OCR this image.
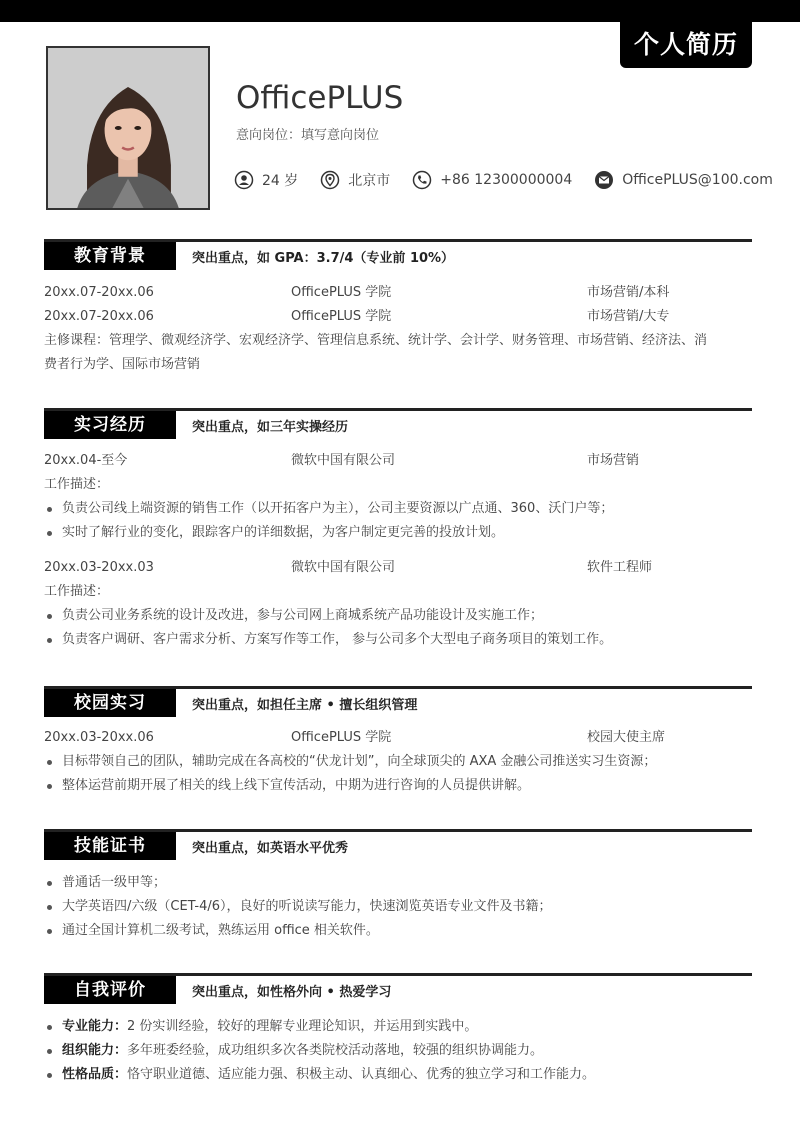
个人简历
OfficePLUS
意向岗位：填写意向岗位
24 岁	北京市	+86 12300000004	OfficePLUS@100.com
教育背景	突出重点，如 GPA：3.7/4（专业前 10%）
20xx.07-20xx.06	OfficePLUS 学院	市场营销/本科
20xx.07-20xx.06	OfficePLUS 学院	市场营销/大专
主修课程：管理学、微观经济学、宏观经济学、管理信息系统、统计学、会计学、财务管理、市场营销、经济法、消
费者行为学、国际市场营销
实习经历	突出重点，如三年实操经历
20xx.04-至今	微软中国有限公司	市场营销
工作描述：
负责公司线上端资源的销售工作（以开拓客户为主），公司主要资源以广点通、360、沃门户等；
实时了解行业的变化，跟踪客户的详细数据，为客户制定更完善的投放计划。
20xx.03-20xx.03	微软中国有限公司	软件工程师
工作描述：
负责公司业务系统的设计及改进，参与公司网上商城系统产品功能设计及实施工作；
负责客户调研、客户需求分析、方案写作等工作， 参与公司多个大型电子商务项目的策划工作。
校园实习	突出重点，如担任主席 • 擅长组织管理
20xx.03-20xx.06	OfficePLUS 学院	校园大使主席
目标带领自己的团队，辅助完成在各高校的“伏龙计划”，向全球顶尖的 AXA 金融公司推送实习生资源；
整体运营前期开展了相关的线上线下宣传活动，中期为进行咨询的人员提供讲解。
技能证书	突出重点，如英语水平优秀
普通话一级甲等；
大学英语四/六级（CET-4/6），良好的听说读写能力，快速浏览英语专业文件及书籍；
通过全国计算机二级考试，熟练运用 office 相关软件。
自我评价	突出重点，如性格外向 • 热爱学习
专业能力：2 份实训经验，较好的理解专业理论知识，并运用到实践中。
组织能力：多年班委经验，成功组织多次各类院校活动落地，较强的组织协调能力。
性格品质：恪守职业道德、适应能力强、积极主动、认真细心、优秀的独立学习和工作能力。
